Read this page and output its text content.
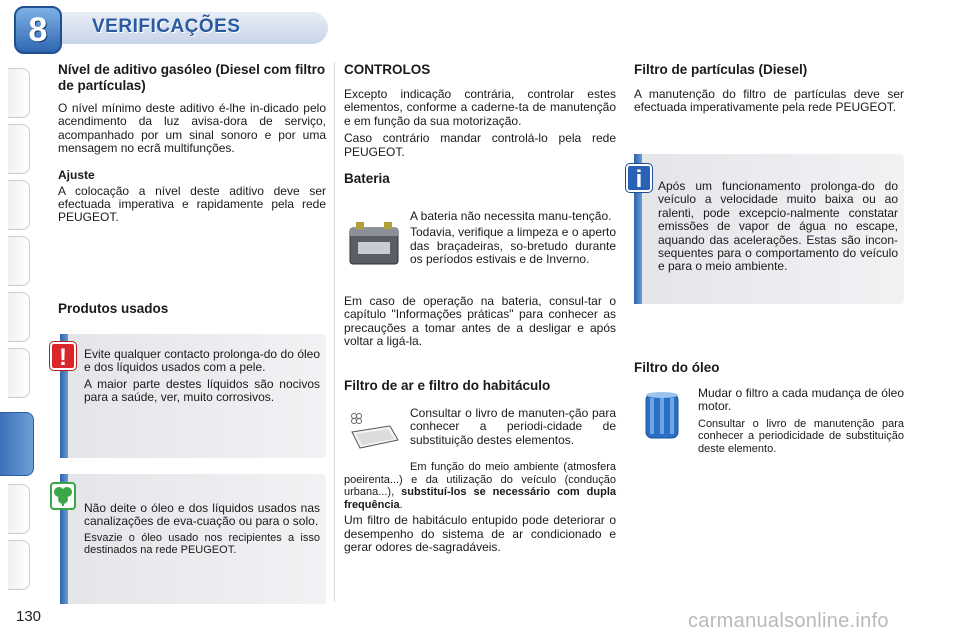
8	VERIFICAÇÕES
Nível de aditivo gasóleo (Diesel com filtro de partículas)

O nível mínimo deste aditivo é-lhe in-dicado pelo acendimento da luz avisa-dora de serviço, acompanhado por um sinal sonoro e por uma mensagem no ecrã multifunções.

Ajuste

A colocação a nível deste aditivo deve ser efectuada imperativa e rapidamente pela rede PEUGEOT.

Produtos usados

Evite qualquer contacto prolonga-do do óleo e dos líquidos usados com a pele.

A maior parte destes líquidos são nocivos para a saúde, ver, muito corrosivos.

!

Não deite o óleo e dos líquidos usados nas canalizações de eva-cuação ou para o solo.

Esvazie o óleo usado nos recipientes a isso destinados na rede PEUGEOT.

CONTROLOS

Excepto indicação contrária, controlar estes elementos, conforme a caderne-ta de manutenção e em função da sua motorização.

Caso contrário mandar controlá-lo pela rede PEUGEOT.

Bateria

A bateria não necessita manu-tenção.

Todavia, verifique a limpeza e o aperto das braçadeiras, so-bretudo durante os períodos estivais e de Inverno.

Em caso de operação na bateria, consul-tar o capítulo "Informações práticas" para conhecer as precauções a tomar antes de a desligar e após voltar a ligá-la.

Filtro de ar e filtro do habitáculo

Consultar o livro de manuten-ção para conhecer a periodi-cidade de substituição destes elementos.

Em função do meio ambiente (atmosfera poeirenta...) e da utilização do veículo (condução urbana...), substituí-los se necessário com dupla frequência.

Um filtro de habitáculo entupido pode deteriorar o desempenho do sistema de ar condicionado e gerar odores de-sagradáveis.

Filtro de partículas (Diesel)

A manutenção do filtro de partículas deve ser efectuada imperativamente pela rede PEUGEOT.

Após um funcionamento prolonga-do do veículo a velocidade muito baixa ou ao ralenti, pode excepcio-nalmente constatar emissões de vapor de água no escape, aquando das acelerações. Estas são incon-sequentes para o comportamento do veículo e para o meio ambiente.

i
Filtro do óleo

Mudar o filtro a cada mudança de óleo motor.

Consultar o livro de manutenção para conhecer a periodicidade de substituição deste elemento.

130	carmanualsonline.info
